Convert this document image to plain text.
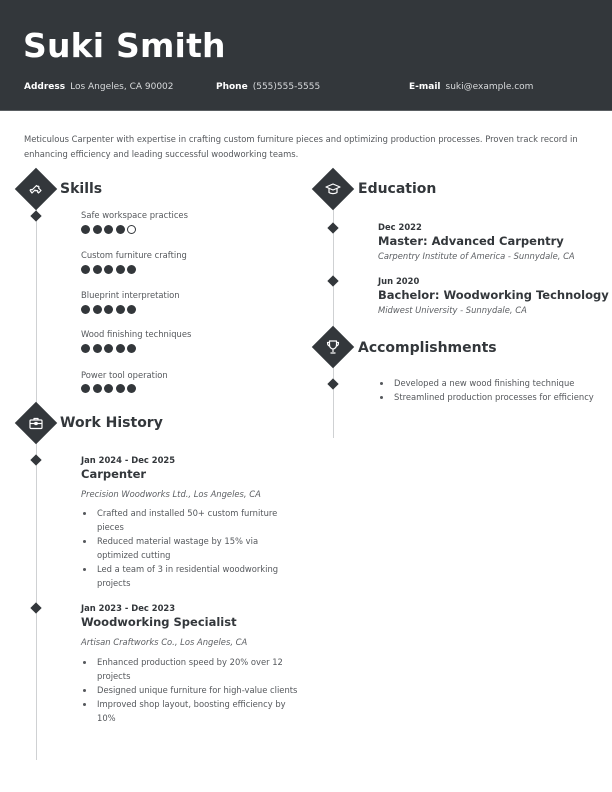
Suki Smith
Address Los Angeles, CA 90002	Phone (555)555-5555	E-mail suki@example.com
Meticulous Carpenter with expertise in crafting custom furniture pieces and optimizing production processes. Proven track record in enhancing efficiency and leading successful woodworking teams.
Skills
Safe workspace practices
Custom furniture crafting
Blueprint interpretation
Wood finishing techniques
Power tool operation
Work History
Jan 2024 - Dec 2025
Carpenter
Precision Woodworks Ltd., Los Angeles, CA
Crafted and installed 50+ custom furniture pieces
Reduced material wastage by 15% via optimized cutting
Led a team of 3 in residential woodworking projects
Jan 2023 - Dec 2023
Woodworking Specialist
Artisan Craftworks Co., Los Angeles, CA
Enhanced production speed by 20% over 12 projects
Designed unique furniture for high-value clients
Improved shop layout, boosting efficiency by 10%
Education
Dec 2022
Master: Advanced Carpentry
Carpentry Institute of America - Sunnydale, CA
Jun 2020
Bachelor: Woodworking Technology
Midwest University - Sunnydale, CA
Accomplishments
Developed a new wood finishing technique
Streamlined production processes for efficiency
